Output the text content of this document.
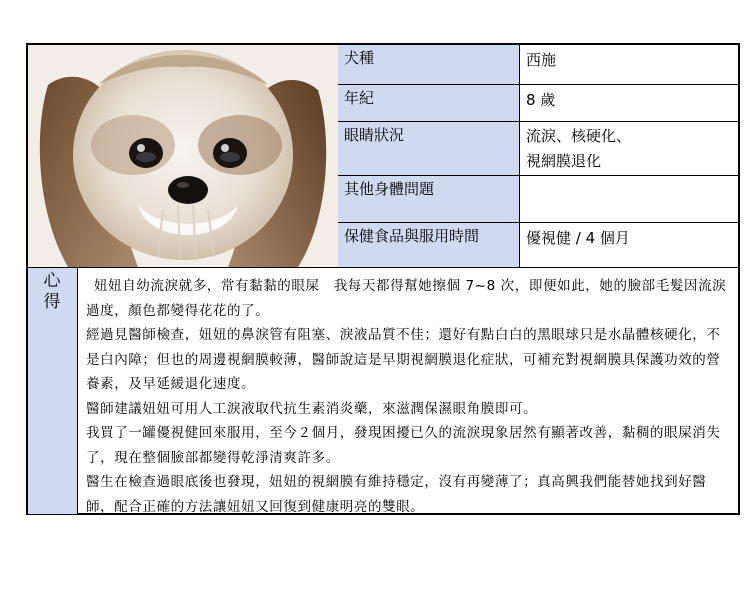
犬種	西施
年紀	8 歲
眼睛狀況	流淚、核硬化、
視網膜退化
其他身體問題
保健食品與服用時間	優視健 / 4 個月
心
得

妞妞自幼流淚就多，常有黏黏的眼屎　我每天都得幫她擦個 7~8 次，即便如此，她的臉部毛髮因流淚過度，顏色都變得花花的了。

經過見醫師檢查，妞妞的鼻淚管有阻塞、淚液品質不佳；還好有點白白的黑眼球只是水晶體核硬化，不是白內障；但也的周邊視網膜較薄，醫師說這是早期視網膜退化症狀，可補充對視網膜具保護功效的營養素，及早延緩退化速度。

醫師建議妞妞可用人工淚液取代抗生素消炎藥，來滋潤保濕眼角膜即可。

我買了一罐優視健回來服用，至今２個月，發現困擾已久的流淚現象居然有顯著改善，黏稠的眼屎消失了，現在整個臉部都變得乾淨清爽許多。

醫生在檢查過眼底後也發現，妞妞的視網膜有維持穩定，沒有再變薄了；真高興我們能替她找到好醫師，配合正確的方法讓妞妞又回復到健康明亮的雙眼。
